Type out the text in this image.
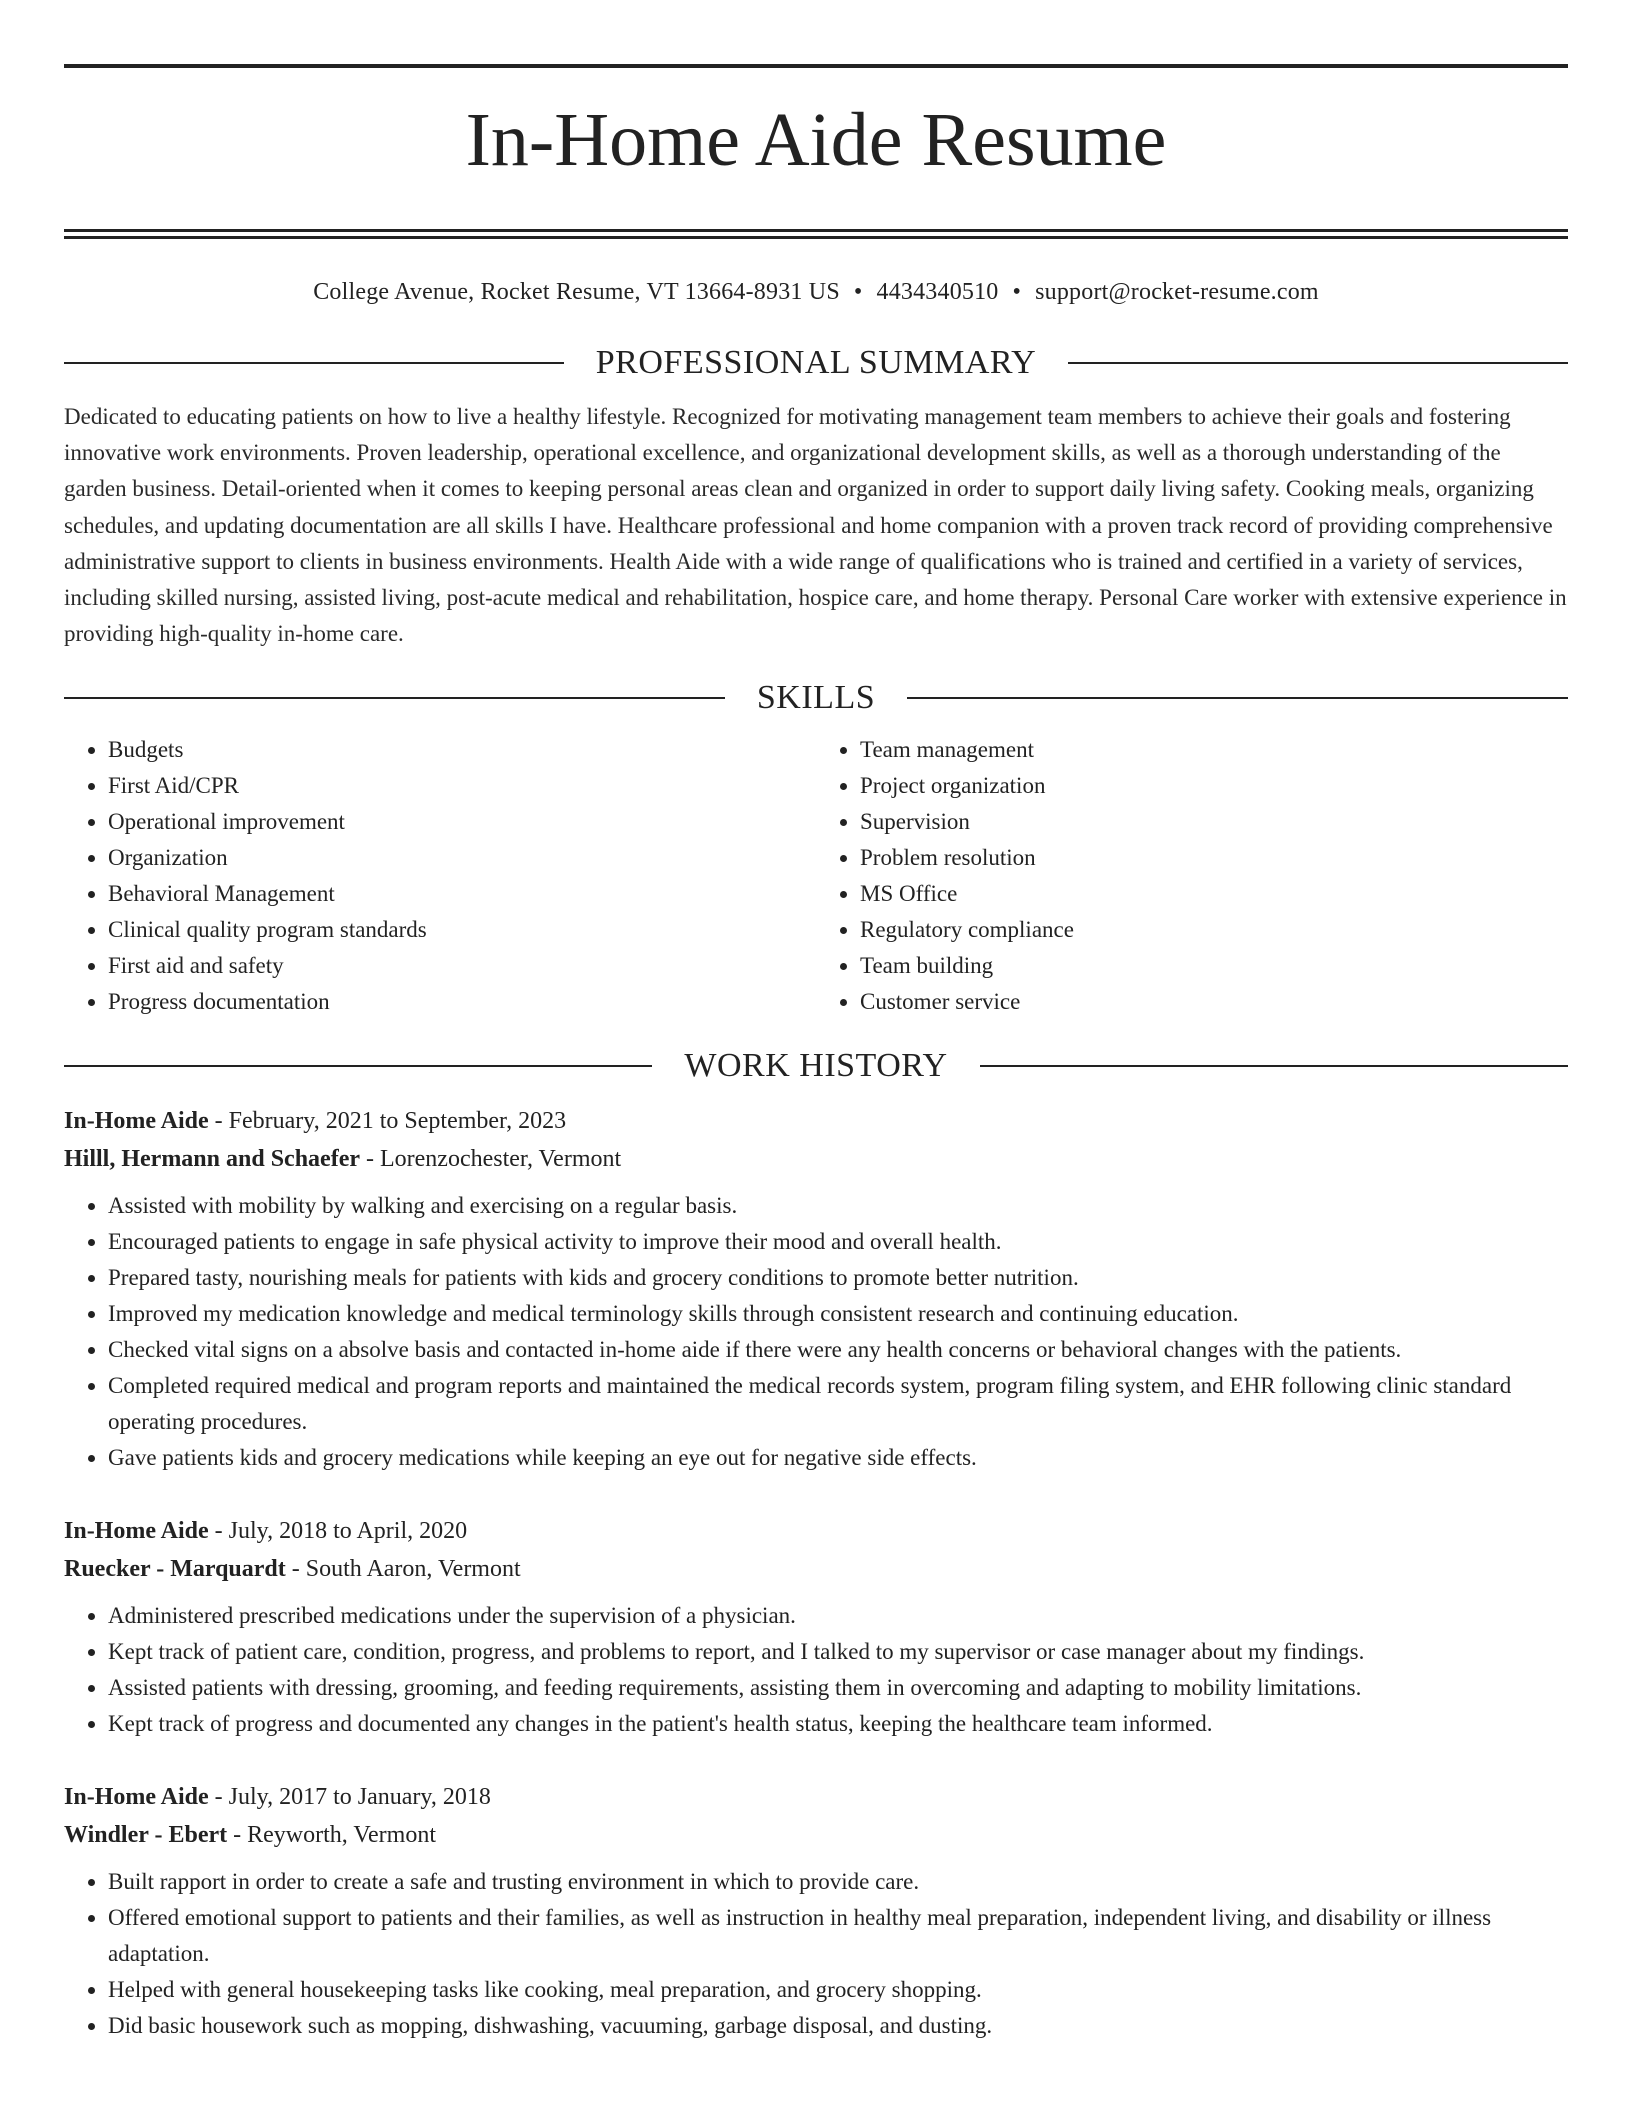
In-Home Aide Resume
College Avenue, Rocket Resume, VT 13664-8931 US • 4434340510 • support@rocket-resume.com
PROFESSIONAL SUMMARY
Dedicated to educating patients on how to live a healthy lifestyle. Recognized for motivating management team members to achieve their goals and fostering innovative work environments. Proven leadership, operational excellence, and organizational development skills, as well as a thorough understanding of the garden business. Detail-oriented when it comes to keeping personal areas clean and organized in order to support daily living safety. Cooking meals, organizing schedules, and updating documentation are all skills I have. Healthcare professional and home companion with a proven track record of providing comprehensive administrative support to clients in business environments. Health Aide with a wide range of qualifications who is trained and certified in a variety of services, including skilled nursing, assisted living, post-acute medical and rehabilitation, hospice care, and home therapy. Personal Care worker with extensive experience in providing high-quality in-home care.
SKILLS
• Budgets
• First Aid/CPR
• Operational improvement
• Organization
• Behavioral Management
• Clinical quality program standards
• First aid and safety
• Progress documentation
• Team management
• Project organization
• Supervision
• Problem resolution
• MS Office
• Regulatory compliance
• Team building
• Customer service
WORK HISTORY
In-Home Aide - February, 2021 to September, 2023
Hilll, Hermann and Schaefer - Lorenzochester, Vermont
• Assisted with mobility by walking and exercising on a regular basis.
• Encouraged patients to engage in safe physical activity to improve their mood and overall health.
• Prepared tasty, nourishing meals for patients with kids and grocery conditions to promote better nutrition.
• Improved my medication knowledge and medical terminology skills through consistent research and continuing education.
• Checked vital signs on a absolve basis and contacted in-home aide if there were any health concerns or behavioral changes with the patients.
• Completed required medical and program reports and maintained the medical records system, program filing system, and EHR following clinic standard operating procedures.
• Gave patients kids and grocery medications while keeping an eye out for negative side effects.
In-Home Aide - July, 2018 to April, 2020
Ruecker - Marquardt - South Aaron, Vermont
• Administered prescribed medications under the supervision of a physician.
• Kept track of patient care, condition, progress, and problems to report, and I talked to my supervisor or case manager about my findings.
• Assisted patients with dressing, grooming, and feeding requirements, assisting them in overcoming and adapting to mobility limitations.
• Kept track of progress and documented any changes in the patient's health status, keeping the healthcare team informed.
In-Home Aide - July, 2017 to January, 2018
Windler - Ebert - Reyworth, Vermont
• Built rapport in order to create a safe and trusting environment in which to provide care.
• Offered emotional support to patients and their families, as well as instruction in healthy meal preparation, independent living, and disability or illness adaptation.
• Helped with general housekeeping tasks like cooking, meal preparation, and grocery shopping.
• Did basic housework such as mopping, dishwashing, vacuuming, garbage disposal, and dusting.
